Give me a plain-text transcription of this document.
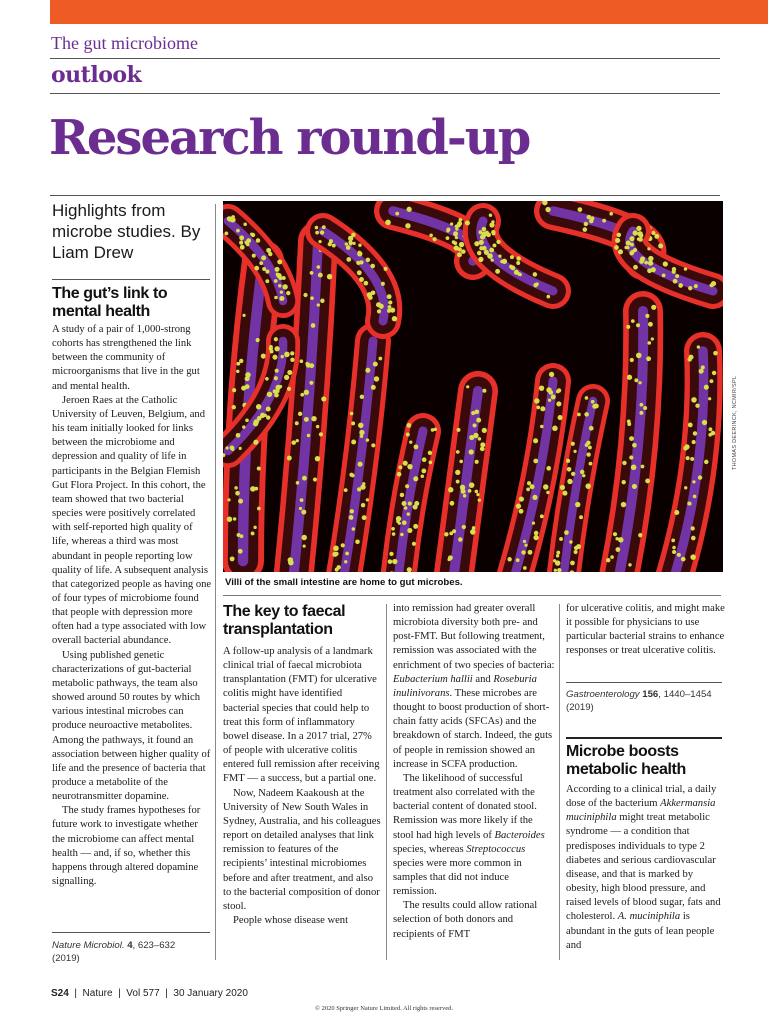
The gut microbiome
outlook
Research round-up
Highlights from microbe studies. By Liam Drew
The gut’s link to mental health

A study of a pair of 1,000-strong cohorts has strengthened the link between the community of microorganisms that live in the gut and mental health.

Jeroen Raes at the Catholic University of Leuven, Belgium, and his team initially looked for links between the microbiome and depression and quality of life in participants in the Belgian Flemish Gut Flora Project. In this cohort, the team showed that two bacterial species were positively correlated with self-reported high quality of life, whereas a third was most abundant in people reporting low quality of life. A subsequent analysis that categorized people as having one of four types of microbiome found that people with depression more often had a type associated with low overall bacterial abundance.

Using published genetic characterizations of gut-bacterial metabolic pathways, the team also showed around 50 routes by which various intestinal microbes can produce neuroactive metabolites. Among the pathways, it found an association between higher quality of life and the presence of bacteria that produce a metabolite of the neurotransmitter dopamine.

The study frames hypotheses for future work to investigate whether the microbiome can affect mental health — and, if so, whether this happens through altered dopamine signalling.

Nature Microbiol. 4, 623–632
(2019)
Villi of the small intestine are home to gut microbes.
THOMAS DEERINCK, NCMIR/SPL
The key to faecal transplantation

A follow-up analysis of a landmark clinical trial of faecal microbiota transplantation (FMT) for ulcerative colitis might have identified bacterial species that could help to treat this form of inflammatory bowel disease. In a 2017 trial, 27% of people with ulcerative colitis entered full remission after receiving FMT — a success, but a partial one.

Now, Nadeem Kaakoush at the University of New South Wales in Sydney, Australia, and his colleagues report on detailed analyses that link remission to features of the recipients’ intestinal microbiomes before and after treatment, and also to the bacterial composition of donor stool.

People whose disease went

into remission had greater overall microbiota diversity both pre- and post-FMT. But following treatment, remission was associated with the enrichment of two species of bacteria: Eubacterium hallii and Roseburia inulinivorans. These microbes are thought to boost production of short-chain fatty acids (SFCAs) and the breakdown of starch. Indeed, the guts of people in remission showed an increase in SCFA production.

The likelihood of successful treatment also correlated with the bacterial content of donated stool. Remission was more likely if the stool had high levels of Bacteroides species, whereas Streptococcus species were more common in samples that did not induce remission.

The results could allow rational selection of both donors and recipients of FMT

for ulcerative colitis, and might make it possible for physicians to use particular bacterial strains to enhance responses or treat ulcerative colitis.

Gastroenterology 156, 1440–1454
(2019)
Microbe boosts metabolic health

According to a clinical trial, a daily dose of the bacterium Akkermansia muciniphila might treat metabolic syndrome — a condition that predisposes individuals to type 2 diabetes and serious cardiovascular disease, and that is marked by obesity, high blood pressure, and raised levels of blood sugar, fats and cholesterol. A. muciniphila is abundant in the guts of lean people and

S24 | Nature | Vol 577 | 30 January 2020
© 2020 Springer Nature Limited. All rights reserved.
